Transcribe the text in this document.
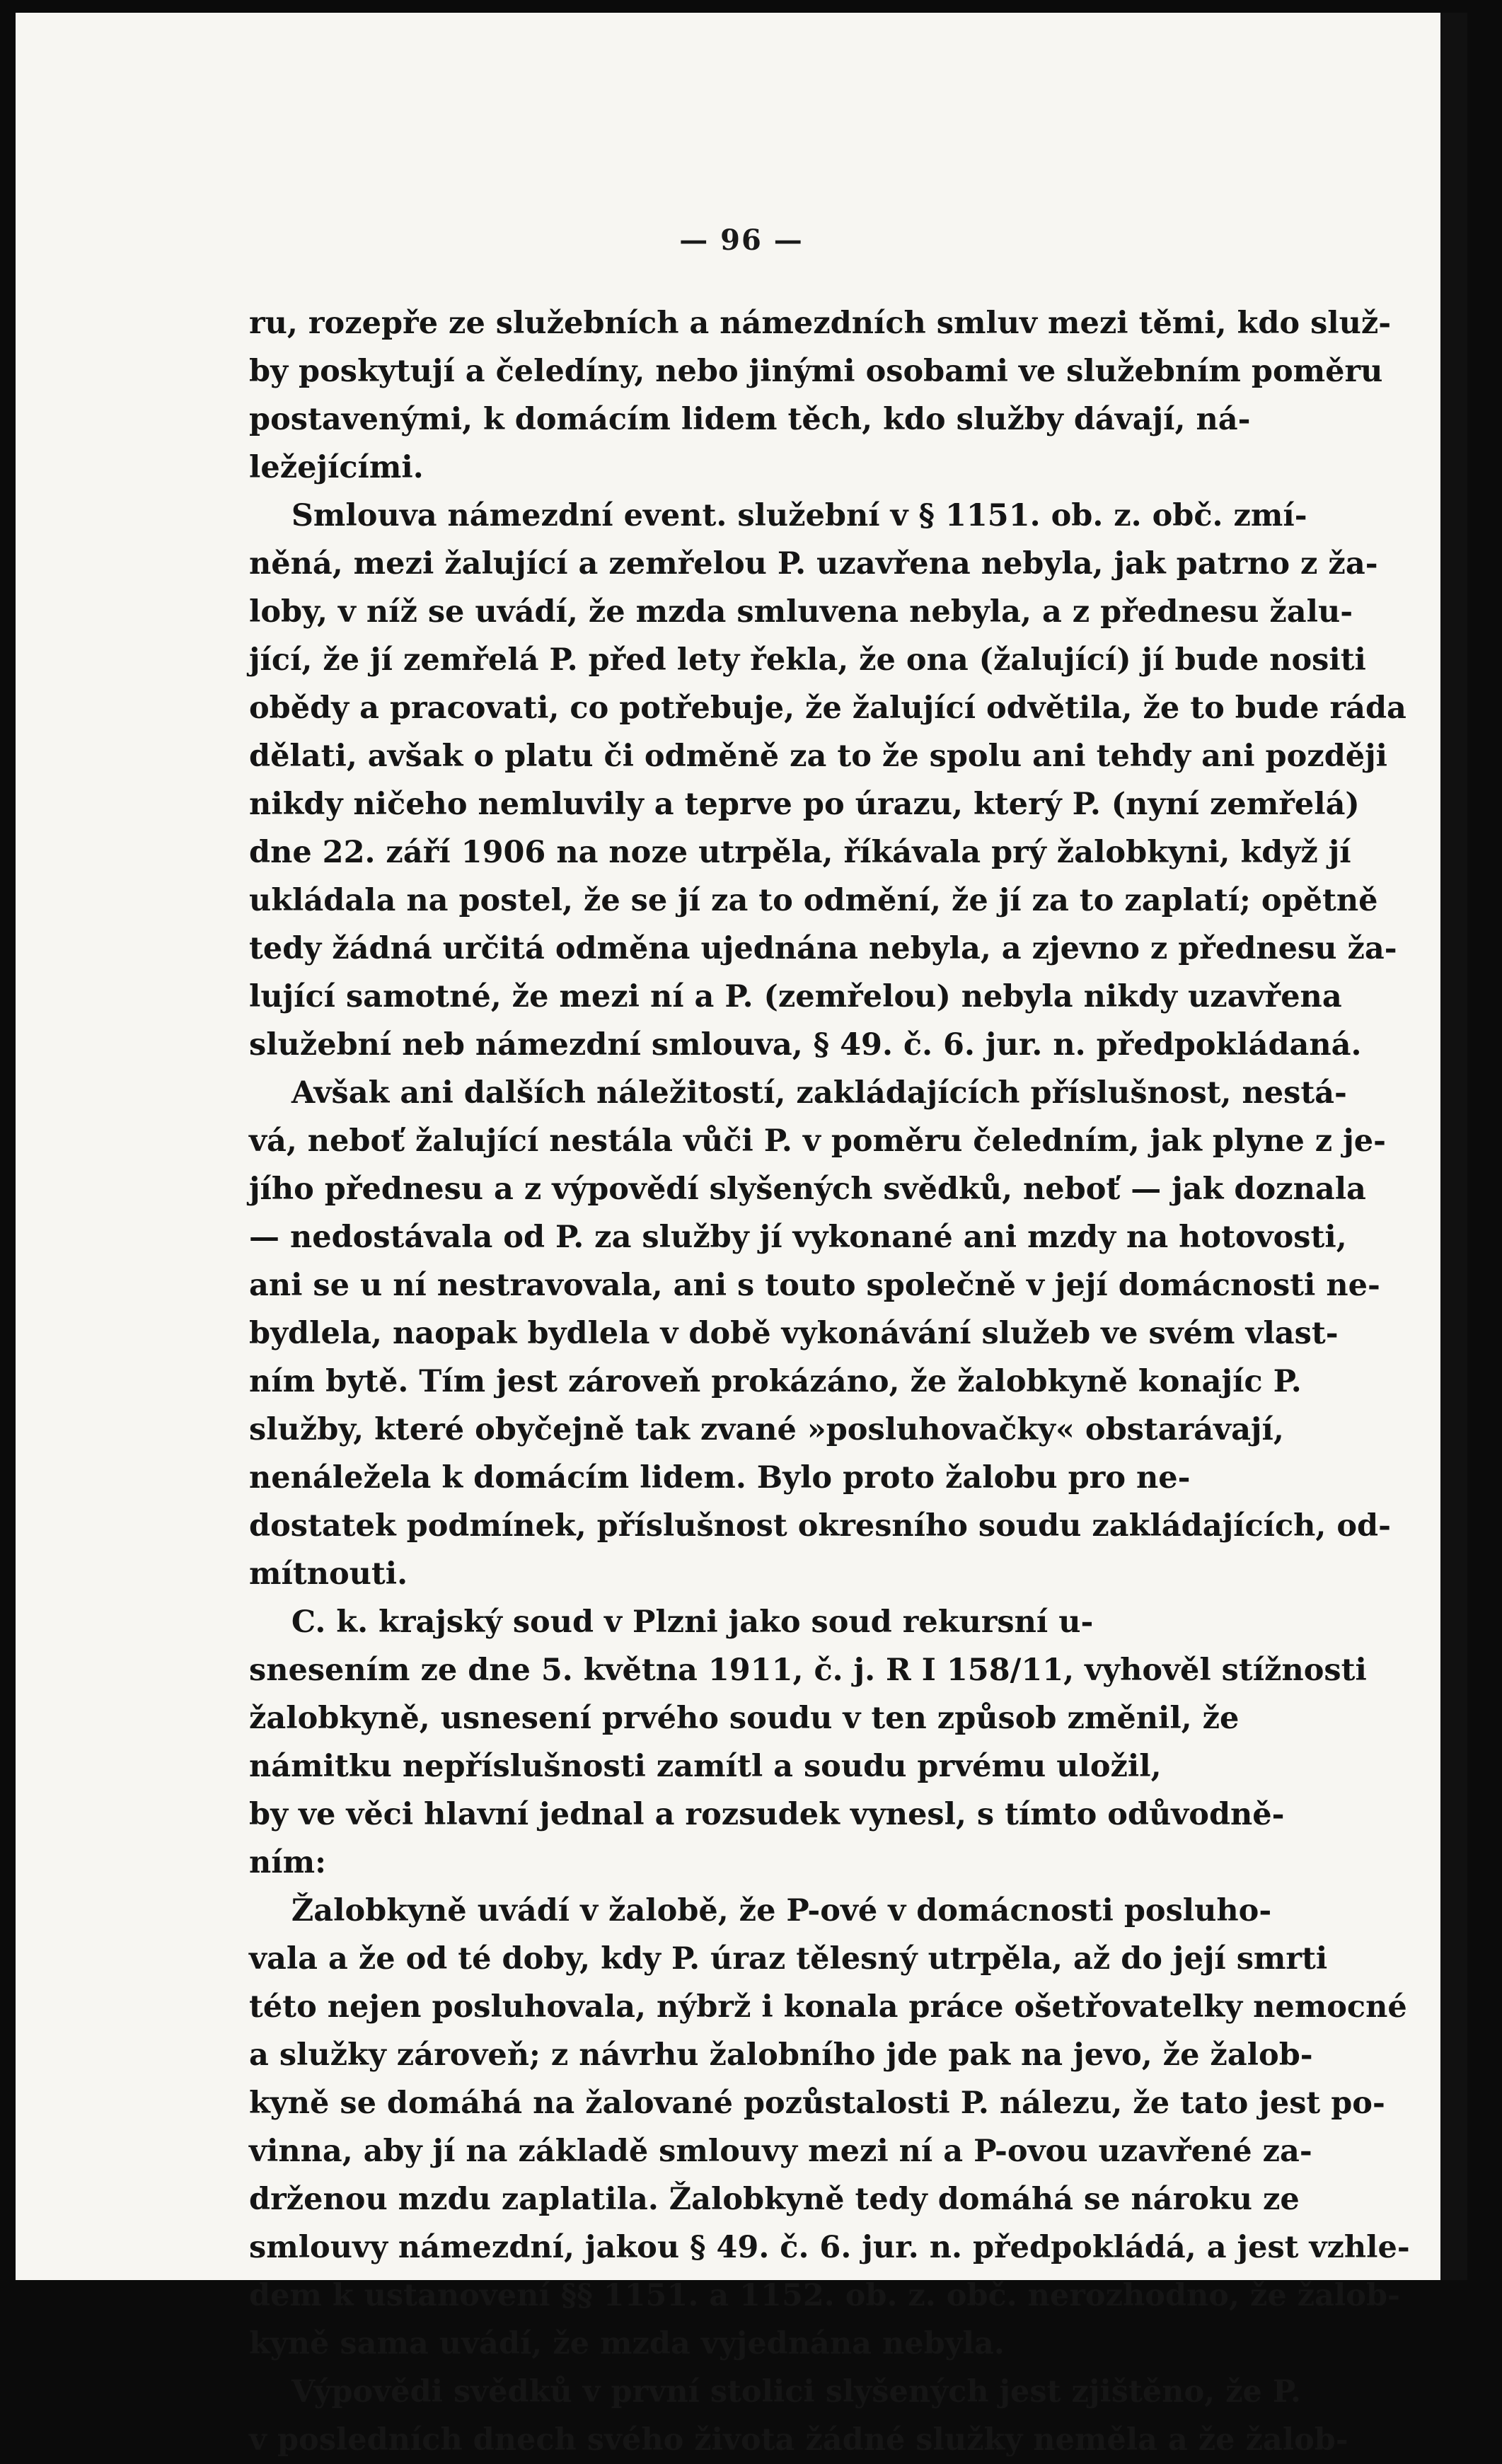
— 96 —
ru, rozepře ze služebních a námezdních smluv mezi těmi, kdo služ-
by poskytují a čeledíny, nebo jinými osobami ve služebním poměru
postavenými, k domácím lidem těch, kdo služby dávají, ná-
ležejícími.
Smlouva námezdní event. služební v § 1151. ob. z. obč. zmí-
něná, mezi žalující a zemřelou P. uzavřena nebyla, jak patrno z ža-
loby, v níž se uvádí, že mzda smluvena nebyla, a z přednesu žalu-
jící, že jí zemřelá P. před lety řekla, že ona (žalující) jí bude nositi
obědy a pracovati, co potřebuje, že žalující odvětila, že to bude ráda
dělati, avšak o platu či odměně za to že spolu ani tehdy ani později
nikdy ničeho nemluvily a teprve po úrazu, který P. (nyní zemřelá)
dne 22. září 1906 na noze utrpěla, říkávala prý žalobkyni, když jí
ukládala na postel, že se jí za to odmění, že jí za to zaplatí; opětně
tedy žádná určitá odměna ujednána nebyla, a zjevno z přednesu ža-
lující samotné, že mezi ní a P. (zemřelou) nebyla nikdy uzavřena
služební neb námezdní smlouva, § 49. č. 6. jur. n. předpokládaná.
Avšak ani dalších náležitostí, zakládajících příslušnost, nestá-
vá, neboť žalující nestála vůči P. v poměru čeledním, jak plyne z je-
jího přednesu a z výpovědí slyšených svědků, neboť — jak doznala
— nedostávala od P. za služby jí vykonané ani mzdy na hotovosti,
ani se u ní nestravovala, ani s touto společně v její domácnosti ne-
bydlela, naopak bydlela v době vykonávání služeb ve svém vlast-
ním bytě. Tím jest zároveň prokázáno, že žalobkyně konajíc P.
služby, které obyčejně tak zvané »posluhovačky« obstarávají,
nenáležela k domácím lidem. Bylo proto žalobu pro ne-
dostatek podmínek, příslušnost okresního soudu zakládajících, od-
mítnouti.
C. k. krajský soud v Plzni jako soud rekursní u-
snesením ze dne 5. května 1911, č. j. R I 158/11, vyhověl stížnosti
žalobkyně, usnesení prvého soudu v ten způsob změnil, že
námitku nepříslušnosti zamítl a soudu prvému uložil,
by ve věci hlavní jednal a rozsudek vynesl, s tímto odůvodně-
ním:
Žalobkyně uvádí v žalobě, že P-ové v domácnosti posluho-
vala a že od té doby, kdy P. úraz tělesný utrpěla, až do její smrti
této nejen posluhovala, nýbrž i konala práce ošetřovatelky nemocné
a služky zároveň; z návrhu žalobního jde pak na jevo, že žalob-
kyně se domáhá na žalované pozůstalosti P. nálezu, že tato jest po-
vinna, aby jí na základě smlouvy mezi ní a P-ovou uzavřené za-
drženou mzdu zaplatila. Žalobkyně tedy domáhá se nároku ze
smlouvy námezdní, jakou § 49. č. 6. jur. n. předpokládá, a jest vzhle-
dem k ustanovení §§ 1151. a 1152. ob. z. obč. nerozhodno, že žalob-
kyně sama uvádí, že mzda vyjednána nebyla.
Výpovědi svědků v první stolici slyšených jest zjištěno, že P.
v posledních dnech svého života žádné služky neměla a že žalob-
